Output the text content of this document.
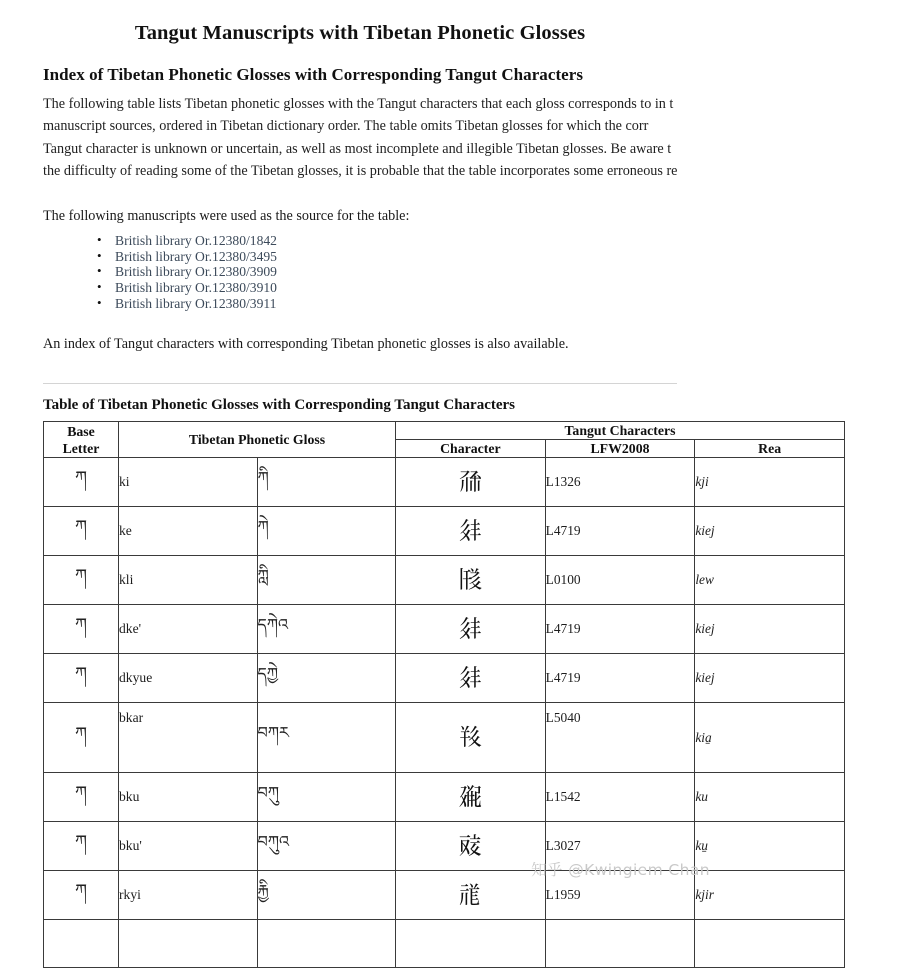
Tangut Manuscripts with Tibetan Phonetic Glosses
Index of Tibetan Phonetic Glosses with Corresponding Tangut Characters

The following table lists Tibetan phonetic glosses with the Tangut characters that each gloss corresponds to in t
manuscript sources, ordered in Tibetan dictionary order. The table omits Tibetan glosses for which the corr
Tangut character is unknown or uncertain, as well as most incomplete and illegible Tibetan glosses. Be aware t
the difficulty of reading some of the Tibetan glosses, it is probable that the table incorporates some erroneous re

The following manuscripts were used as the source for the table:

• British library Or.12380/1842
• British library Or.12380/3495
• British library Or.12380/3909
• British library Or.12380/3910
• British library Or.12380/3911

An index of Tangut characters with corresponding Tibetan phonetic glosses is also available.

Table of Tibetan Phonetic Glosses with Corresponding Tangut Characters
Base
Letter	Tibetan Phonetic Gloss		Tangut Characters		
			Character	LFW2008	Rea
ཀ	ki	ཀི	𗗙	L1326	kji
ཀ	ke	ཀེ	𗢳	L4719	kiej
ཀ	kli	ཀླི	𗁦	L0100	lew
ཀ	dke'	དཀེའ	𗢳	L4719	kiej
ཀ	dkyue	དཀྱེ	𗢳	L4719	kiej
ཀ	bkar	བཀར	𘁂	L5040	kia̱
ཀ	bku	བཀུ	𗘂	L1542	ku
ཀ	bku'	བཀུའ	𗠟	L3027	ku̱
ཀ	rkyi	རྐྱི	𗙏	L1959	kjir

知乎 @Kwingiem Chan
